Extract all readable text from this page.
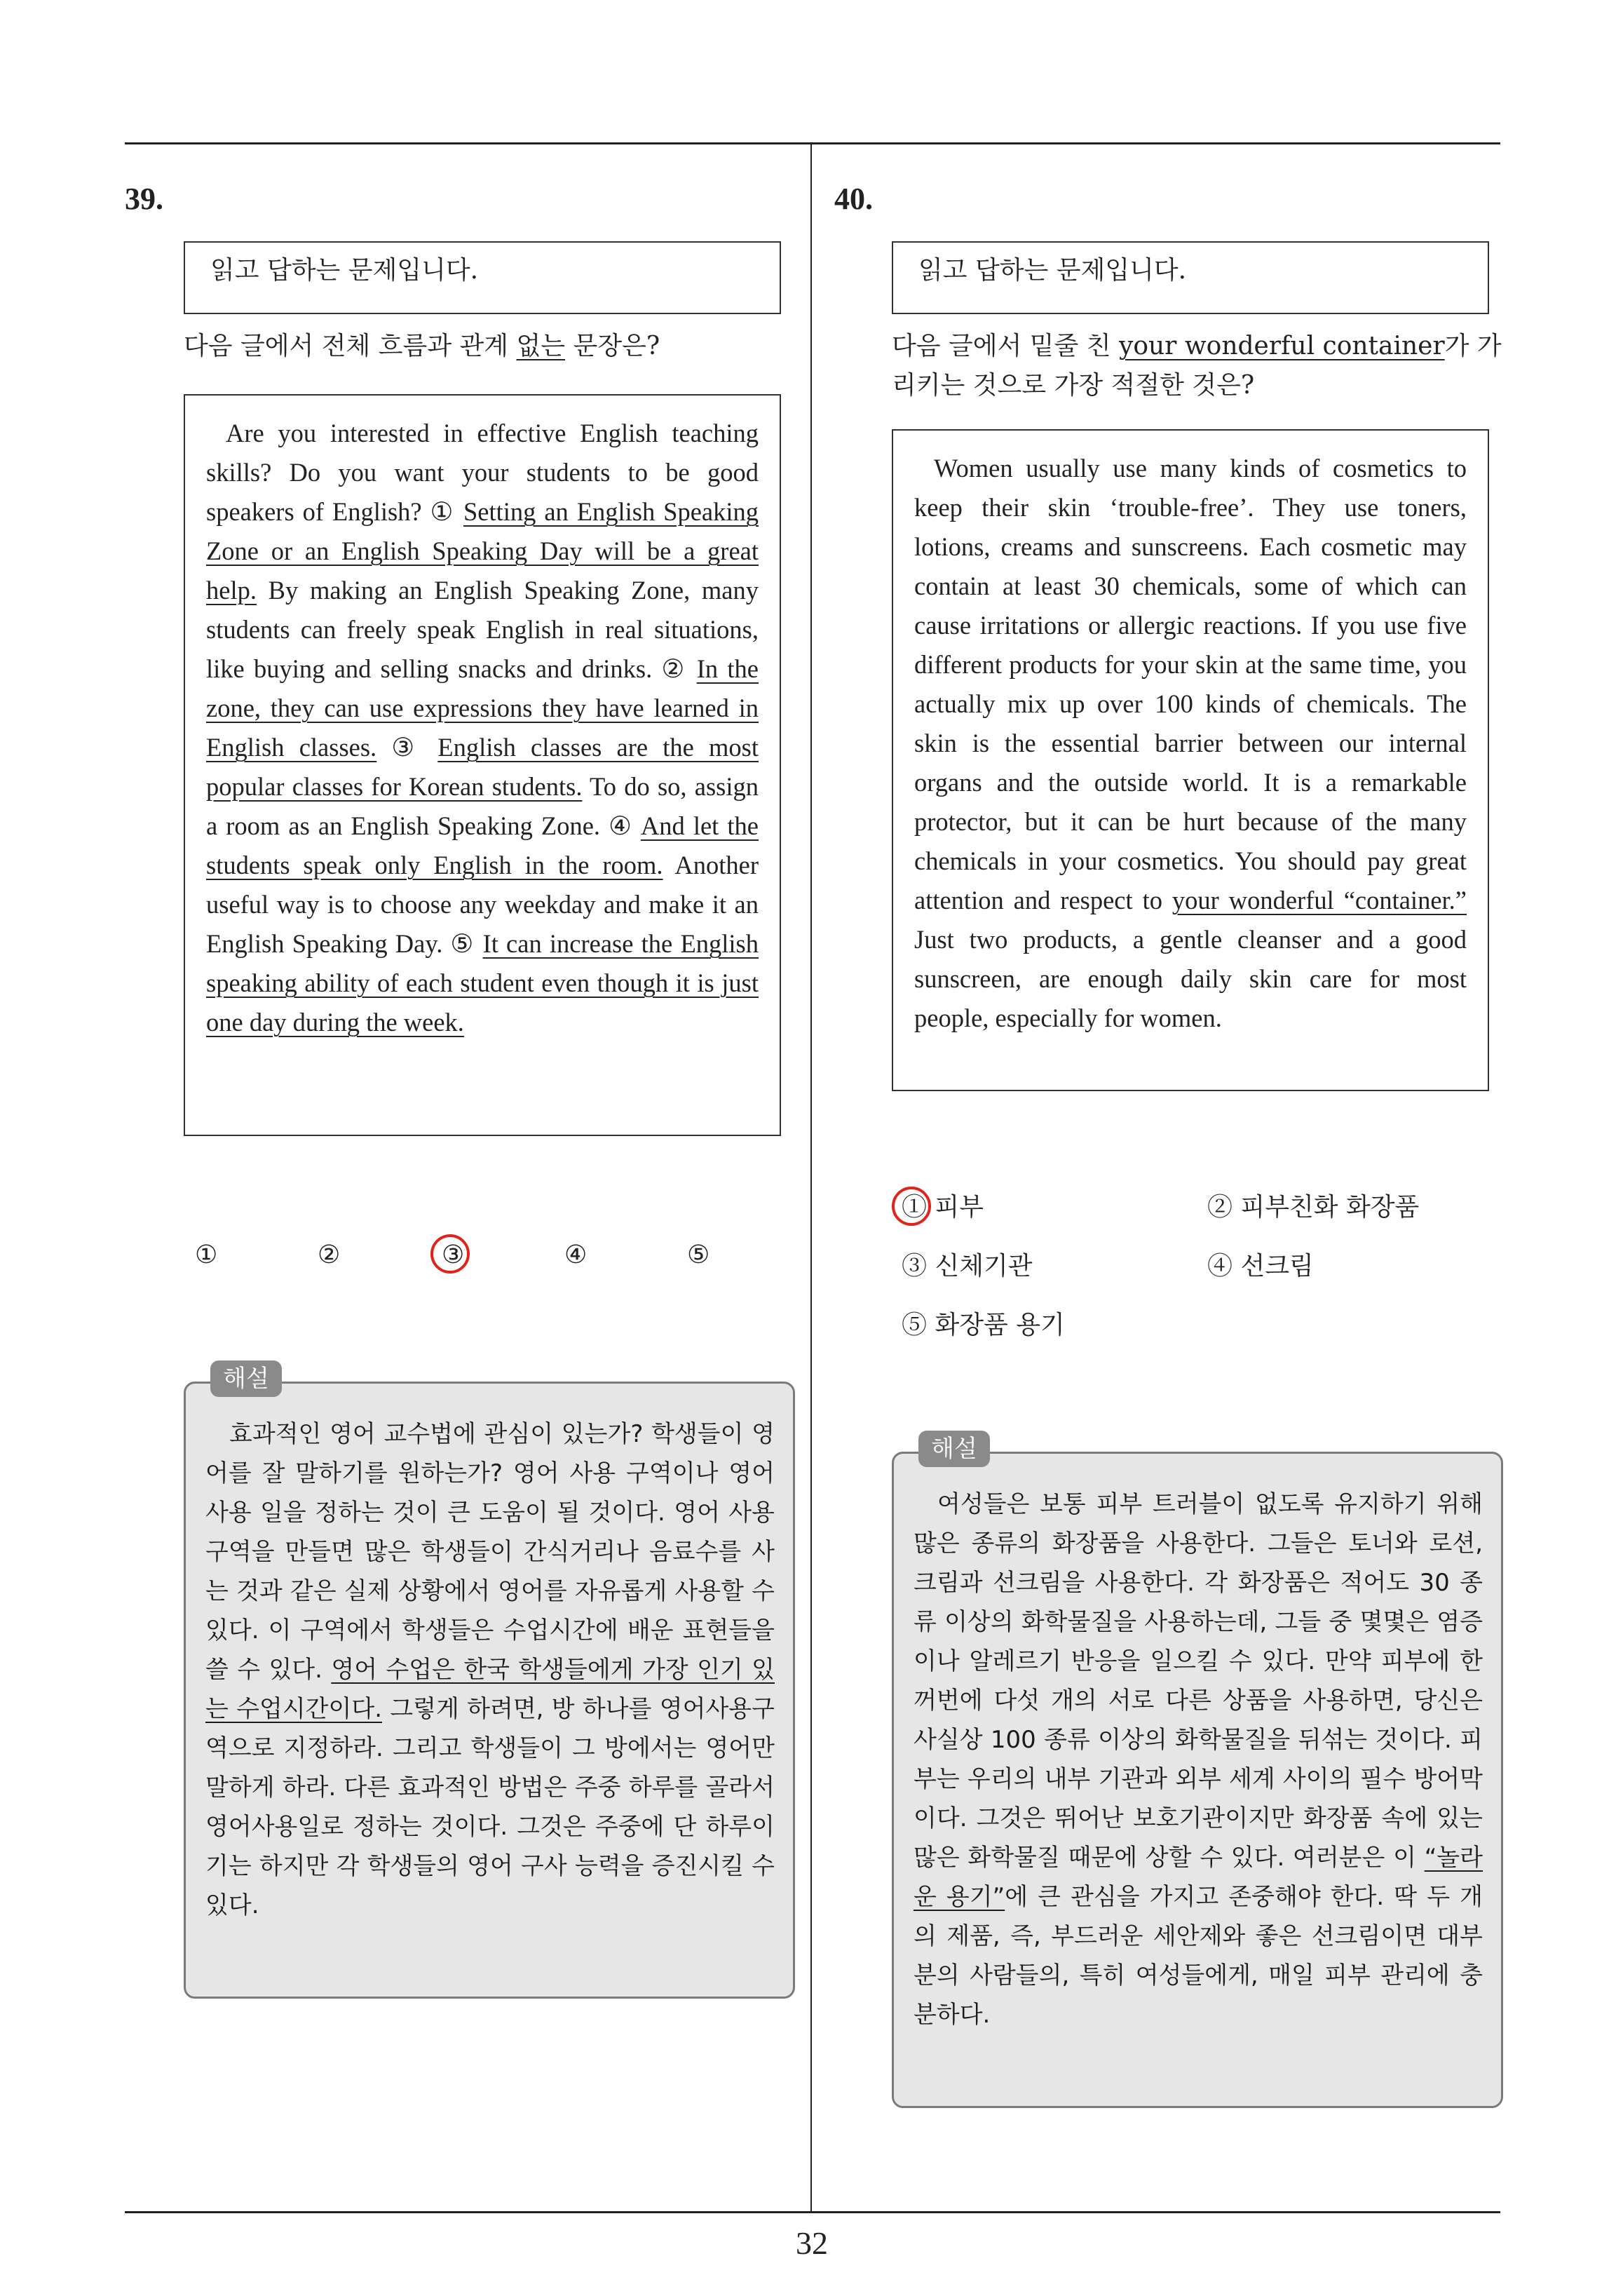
39.
읽고 답하는 문제입니다.
다음 글에서 전체 흐름과 관계 없는 문장은?

Are you interested in effective English teaching skills? Do you want your students to be good speakers of English? ① Setting an English Speaking Zone or an English Speaking Day will be a great help. By making an English Speaking Zone, many students can freely speak English in real situations, like buying and selling snacks and drinks. ② In the zone, they can use expressions they have learned in English classes. ③ English classes are the most popular classes for Korean students. To do so, assign a room as an English Speaking Zone. ④ And let the students speak only English in the room. Another useful way is to choose any weekday and make it an English Speaking Day. ⑤ It can increase the English speaking ability of each student even though it is just one day during the week.

①	②	③	④	⑤

효과적인 영어 교수법에 관심이 있는가? 학생들이 영어를 잘 말하기를 원하는가? 영어 사용 구역이나 영어 사용 일을 정하는 것이 큰 도움이 될 것이다. 영어 사용 구역을 만들면 많은 학생들이 간식거리나 음료수를 사는 것과 같은 실제 상황에서 영어를 자유롭게 사용할 수 있다. 이 구역에서 학생들은 수업시간에 배운 표현들을 쓸 수 있다. 영어 수업은 한국 학생들에게 가장 인기 있는 수업시간이다. 그렇게 하려면, 방 하나를 영어사용구역으로 지정하라. 그리고 학생들이 그 방에서는 영어만 말하게 하라. 다른 효과적인 방법은 주중 하루를 골라서 영어사용일로 정하는 것이다. 그것은 주중에 단 하루이기는 하지만 각 학생들의 영어 구사 능력을 증진시킬 수 있다.

해설
40.
읽고 답하는 문제입니다.
다음 글에서 밑줄 친 your wonderful container가 가리키는 것으로 가장 적절한 것은?

Women usually use many kinds of cosmetics to keep their skin ‘trouble-free’. They use toners, lotions, creams and sunscreens. Each cosmetic may contain at least 30 chemicals, some of which can cause irritations or allergic reactions. If you use five different products for your skin at the same time, you actually mix up over 100 kinds of chemicals. The skin is the essential barrier between our internal organs and the outside world. It is a remarkable protector, but it can be hurt because of the many chemicals in your cosmetics. You should pay great attention and respect to your wonderful “container.” Just two products, a gentle cleanser and a good sunscreen, are enough daily skin care for most people, especially for women.

① 피부	② 피부친화 화장품
③ 신체기관	④ 선크림
⑤ 화장품 용기

여성들은 보통 피부 트러블이 없도록 유지하기 위해 많은 종류의 화장품을 사용한다. 그들은 토너와 로션, 크림과 선크림을 사용한다. 각 화장품은 적어도 30 종류 이상의 화학물질을 사용하는데, 그들 중 몇몇은 염증이나 알레르기 반응을 일으킬 수 있다. 만약 피부에 한꺼번에 다섯 개의 서로 다른 상품을 사용하면, 당신은 사실상 100 종류 이상의 화학물질을 뒤섞는 것이다. 피부는 우리의 내부 기관과 외부 세계 사이의 필수 방어막이다. 그것은 뛰어난 보호기관이지만 화장품 속에 있는 많은 화학물질 때문에 상할 수 있다. 여러분은 이 “놀라운 용기”에 큰 관심을 가지고 존중해야 한다. 딱 두 개의 제품, 즉, 부드러운 세안제와 좋은 선크림이면 대부분의 사람들의, 특히 여성들에게, 매일 피부 관리에 충분하다.

해설
32
